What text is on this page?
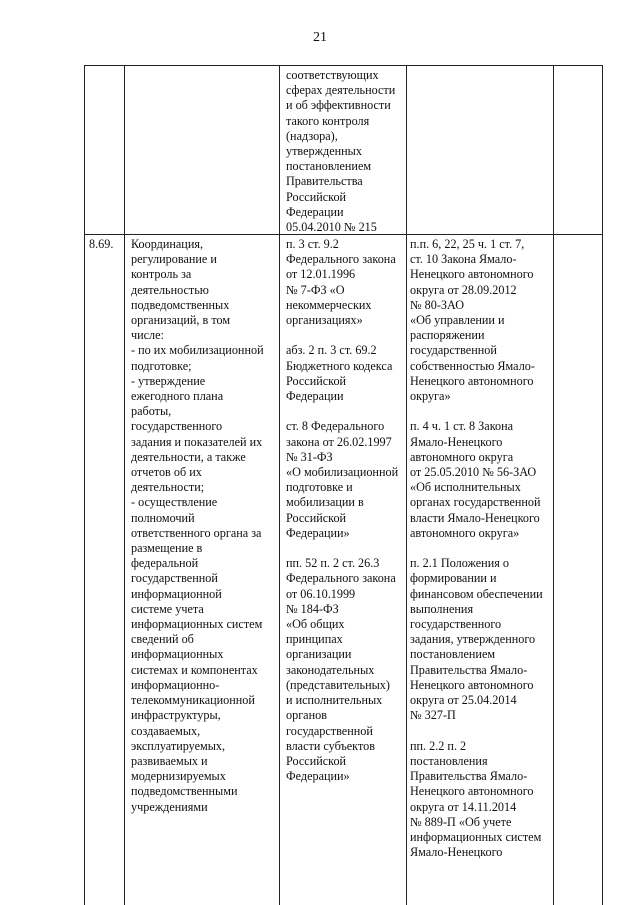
21
соответствующих
сферах деятельности
и об эффективности
такого контроля
(надзора),
утвержденных
постановлением
Правительства
Российской
Федерации
05.04.2010 № 215
8.69. Координация,
регулирование и
контроль за
деятельностью
подведомственных
организаций, в том
числе:
- по их мобилизационной
подготовке;
- утверждение
ежегодного плана
работы,
государственного
задания и показателей их
деятельности, а также
отчетов об их
деятельности;
- осуществление
полномочий
ответственного органа за
размещение в
федеральной
государственной
информационной
системе учета
информационных систем
сведений об
информационных
системах и компонентах
информационно-
телекоммуникационной
инфраструктуры,
создаваемых,
эксплуатируемых,
развиваемых и
модернизируемых
подведомственными
учреждениями
п. 3 ст. 9.2
Федерального закона
от 12.01.1996
№ 7-ФЗ «О
некоммерческих
организациях»

абз. 2 п. 3 ст. 69.2
Бюджетного кодекса
Российской
Федерации

ст. 8 Федерального
закона от 26.02.1997
№ 31-ФЗ
«О мобилизационной
подготовке и
мобилизации в
Российской
Федерации»

пп. 52 п. 2 ст. 26.3
Федерального закона
от 06.10.1999
№ 184-ФЗ
«Об общих
принципах
организации
законодательных
(представительных)
и исполнительных
органов
государственной
власти субъектов
Российской
Федерации»
п.п. 6, 22, 25 ч. 1 ст. 7,
ст. 10 Закона Ямало-
Ненецкого автономного
округа от 28.09.2012
№ 80-ЗАО
«Об управлении и
распоряжении
государственной
собственностью Ямало-
Ненецкого автономного
округа»

п. 4 ч. 1 ст. 8 Закона
Ямало-Ненецкого
автономного округа
от 25.05.2010 № 56-ЗАО
«Об исполнительных
органах государственной
власти Ямало-Ненецкого
автономного округа»

п. 2.1 Положения о
формировании и
финансовом обеспечении
выполнения
государственного
задания, утвержденного
постановлением
Правительства Ямало-
Ненецкого автономного
округа от 25.04.2014
№ 327-П

пп. 2.2 п. 2
постановления
Правительства Ямало-
Ненецкого автономного
округа от 14.11.2014
№ 889-П «Об учете
информационных систем
Ямало-Ненецкого
